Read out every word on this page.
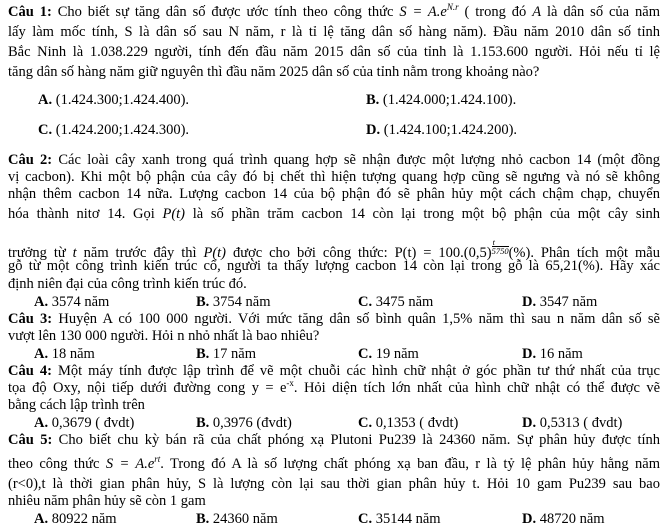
Câu 1: Cho biết sự tăng dân số được ước tính theo công thức $S = A.e^{N.r}$ ( trong đó A là dân số của năm
lấy làm mốc tính, S là dân số sau N năm, r là tỉ lệ tăng dân số hàng năm). Đầu năm 2010 dân số tỉnh
Bắc Ninh là 1.038.229 người, tính đến đầu năm 2015 dân số của tỉnh là 1.153.600 người. Hỏi nếu tỉ lệ
tăng dân số hàng năm giữ nguyên thì đầu năm 2025 dân số của tỉnh nằm trong khoảng nào?
A. (1.424.300;1.424.400).	B. (1.424.000;1.424.100).
C. (1.424.200;1.424.300).	D. (1.424.100;1.424.200).
Câu 2: Các loài cây xanh trong quá trình quang hợp sẽ nhận được một lượng nhỏ cacbon 14 (một đồng
vị cacbon). Khi một bộ phận của cây đó bị chết thì hiện tượng quang hợp cũng sẽ ngưng và nó sẽ không
nhận thêm cacbon 14 nữa. Lượng cacbon 14 của bộ phận đó sẽ phân hủy một cách chậm chạp, chuyển
hóa thành nitơ 14. Gọi P(t) là số phần trăm cacbon 14 còn lại trong một bộ phận của một cây sinh
trưởng từ t năm trước đây thì P(t) được cho bởi công thức: $P(t) = 100.(0,5) \frac{t}{5750}$ (%). Phân tích một mẫu
gỗ từ một công trình kiến trúc cổ, người ta thấy lượng cacbon 14 còn lại trong gỗ là 65,21(%). Hãy xác
định niên đại của công trình kiến trúc đó.
A. 3574 năm	B. 3754 năm	C. 3475 năm	D. 3547 năm
Câu 3: Huyện A có 100 000 người. Với mức tăng dân số bình quân 1,5% năm thì sau n năm dân số sẽ
vượt lên 130 000 người. Hỏi n nhỏ nhất là bao nhiêu?
A. 18 năm	B. 17 năm	C. 19 năm	D. 16 năm
Câu 4: Một máy tính được lập trình để vẽ một chuỗi các hình chữ nhật ở góc phần tư thứ nhất của trục
tọa độ Oxy, nội tiếp dưới đường cong $y = e^{-x}$. Hỏi diện tích lớn nhất của hình chữ nhật có thể được vẽ
bằng cách lập trình trên
A. 0,3679 ( đvdt)	B. 0,3976 (đvdt)	C. 0,1353 ( đvdt)	D. 0,5313 ( đvdt)
Câu 5: Cho biết chu kỳ bán rã của chất phóng xạ Plutoni Pu239 là 24360 năm. Sự phân hủy được tính
theo công thức $S = A.e^{rt}$. Trong đó A là số lượng chất phóng xạ ban đầu, r là tỷ lệ phân hủy hằng năm
(r<0),t là thời gian phân hủy, S là lượng còn lại sau thời gian phân hủy t. Hỏi 10 gam Pu239 sau bao
nhiêu năm phân hủy sẽ còn 1 gam
A. 80922 năm	B. 24360 năm	C. 35144 năm	D. 48720 năm
